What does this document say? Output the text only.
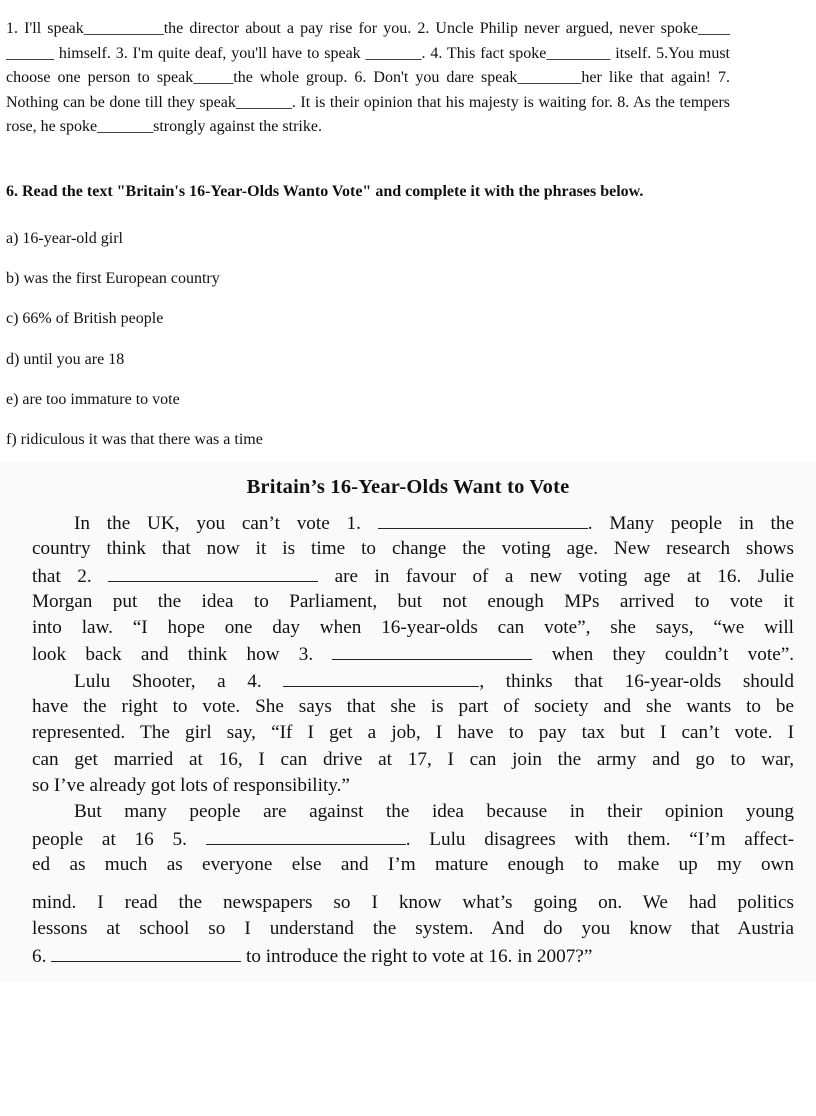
1. I'll speak__________the director about a pay rise for you. 2. Uncle Philip never argued, never spoke____ ______ himself. 3. I'm quite deaf, you'll have to speak _______. 4. This fact spoke________ itself. 5.You must choose one person to speak_____the whole group. 6. Don't you dare speak________her like that again! 7. Nothing can be done till they speak_______. It is their opinion that his majesty is waiting for. 8. As the tempers rose, he spoke_______strongly against the strike.

6. Read the text "Britain's 16-Year-Olds Wanto Vote" and complete it with the phrases below.

a) 16-year-old girl

b) was the first European country

c) 66% of British people

d) until you are 18

e) are too immature to vote

f) ridiculous it was that there was a time

Britain’s 16-Year-Olds Want to Vote
In the UK, you can’t vote 1.	. Many people in the
country think that now it is time to change the voting age. New research shows
that 2.	are in favour of a new voting age at 16. Julie
Morgan put the idea to Parliament, but not enough MPs arrived to vote it
into law. “I hope one day when 16-year-olds can vote”, she says, “we will
look back and think how 3.	when they couldn’t vote”.
Lulu Shooter, a 4.	, thinks that 16-year-olds should
have the right to vote. She says that she is part of society and she wants to be
represented. The girl say, “If I get a job, I have to pay tax but I can’t vote. I
can get married at 16, I can drive at 17, I can join the army and go to war,
so I’ve already got lots of responsibility.”
But many people are against the idea because in their opinion young
people at 16 5.	. Lulu disagrees with them. “I’m affect-
ed as much as everyone else and I’m mature enough to make up my own
mind. I read the newspapers so I know what’s going on. We had politics
lessons at school so I understand the system. And do you know that Austria
6.	to introduce the right to vote at 16. in 2007?”
